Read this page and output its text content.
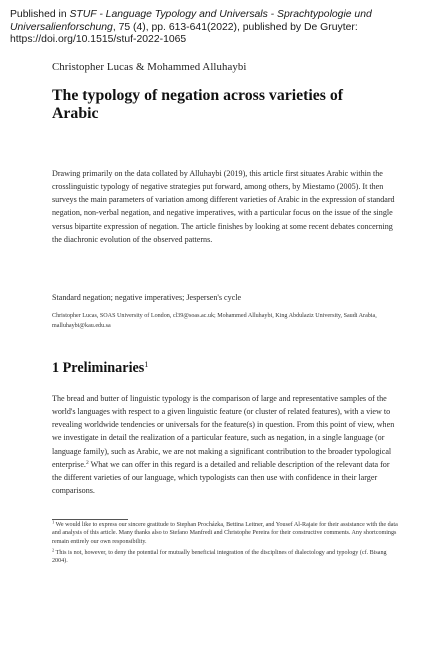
Published in STUF - Language Typology and Universals - Sprachtypologie und Universalienforschung, 75 (4), pp. 613-641(2022), published by De Gruyter:
https://doi.org/10.1515/stuf-2022-1065

Christopher Lucas & Mohammed Alluhaybi

The typology of negation across varieties of Arabic

Drawing primarily on the data collated by Alluhaybi (2019), this article first situates Arabic within the crosslinguistic typology of negative strategies put forward, among others, by Miestamo (2005). It then surveys the main parameters of variation among different varieties of Arabic in the expression of standard negation, non-verbal negation, and negative imperatives, with a particular focus on the issue of the single versus bipartite expression of negation. The article finishes by looking at some recent debates concerning the diachronic evolution of the observed patterns.

Standard negation; negative imperatives; Jespersen's cycle

Christopher Lucas, SOAS University of London, cl39@soas.ac.uk; Mohammed Alluhaybi, King Abdulaziz University, Saudi Arabia, malluhaybi@kau.edu.sa

1 Preliminaries$^1$

The bread and butter of linguistic typology is the comparison of large and representative samples of the world's languages with respect to a given linguistic feature (or cluster of related features), with a view to revealing worldwide tendencies or universals for the feature(s) in question. From this point of view, when we investigate in detail the realization of a particular feature, such as negation, in a single language (or language family), such as Arabic, we are not making a significant contribution to the broader typological enterprise.$^2$ What we can offer in this regard is a detailed and reliable description of the relevant data for the different varieties of our language, which typologists can then use with confidence in their larger comparisons.

$^1$ We would like to express our sincere gratitude to Stephan Procházka, Bettina Leitner, and Yousef Al-Rajaie for their assistance with the data and analysis of this article. Many thanks also to Stefano Manfredi and Christophe Pereira for their constructive comments. Any shortcomings remain entirely our own responsibility.

$^2$ This is not, however, to deny the potential for mutually beneficial integration of the disciplines of dialectology and typology (cf. Bisang 2004).
